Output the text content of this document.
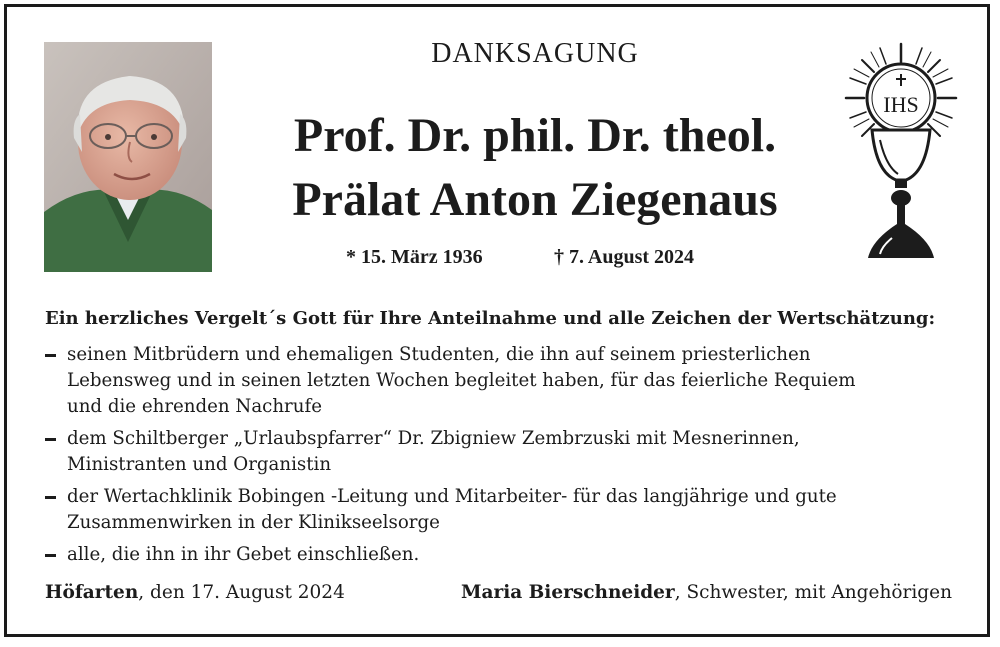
DANKSAGUNG
Prof. Dr. phil. Dr. theol.
Prälat Anton Ziegenaus
* 15. März 1936	† 7. August 2024
IHS
Ein herzliches Vergelt´s Gott für Ihre Anteilnahme und alle Zeichen der Wertschätzung:
seinen Mitbrüdern und ehemaligen Studenten, die ihn auf seinem priesterlichen
Lebensweg und in seinen letzten Wochen begleitet haben, für das feierliche Requiem
und die ehrenden Nachrufe
dem Schiltberger „Urlaubspfarrer“ Dr. Zbigniew Zembrzuski mit Mesnerinnen,
Ministranten und Organistin
der Wertachklinik Bobingen -Leitung und Mitarbeiter- für das langjährige und gute
Zusammenwirken in der Klinikseelsorge
alle, die ihn in ihr Gebet einschließen.
Höfarten, den 17. August 2024	Maria Bierschneider, Schwester, mit Angehörigen
